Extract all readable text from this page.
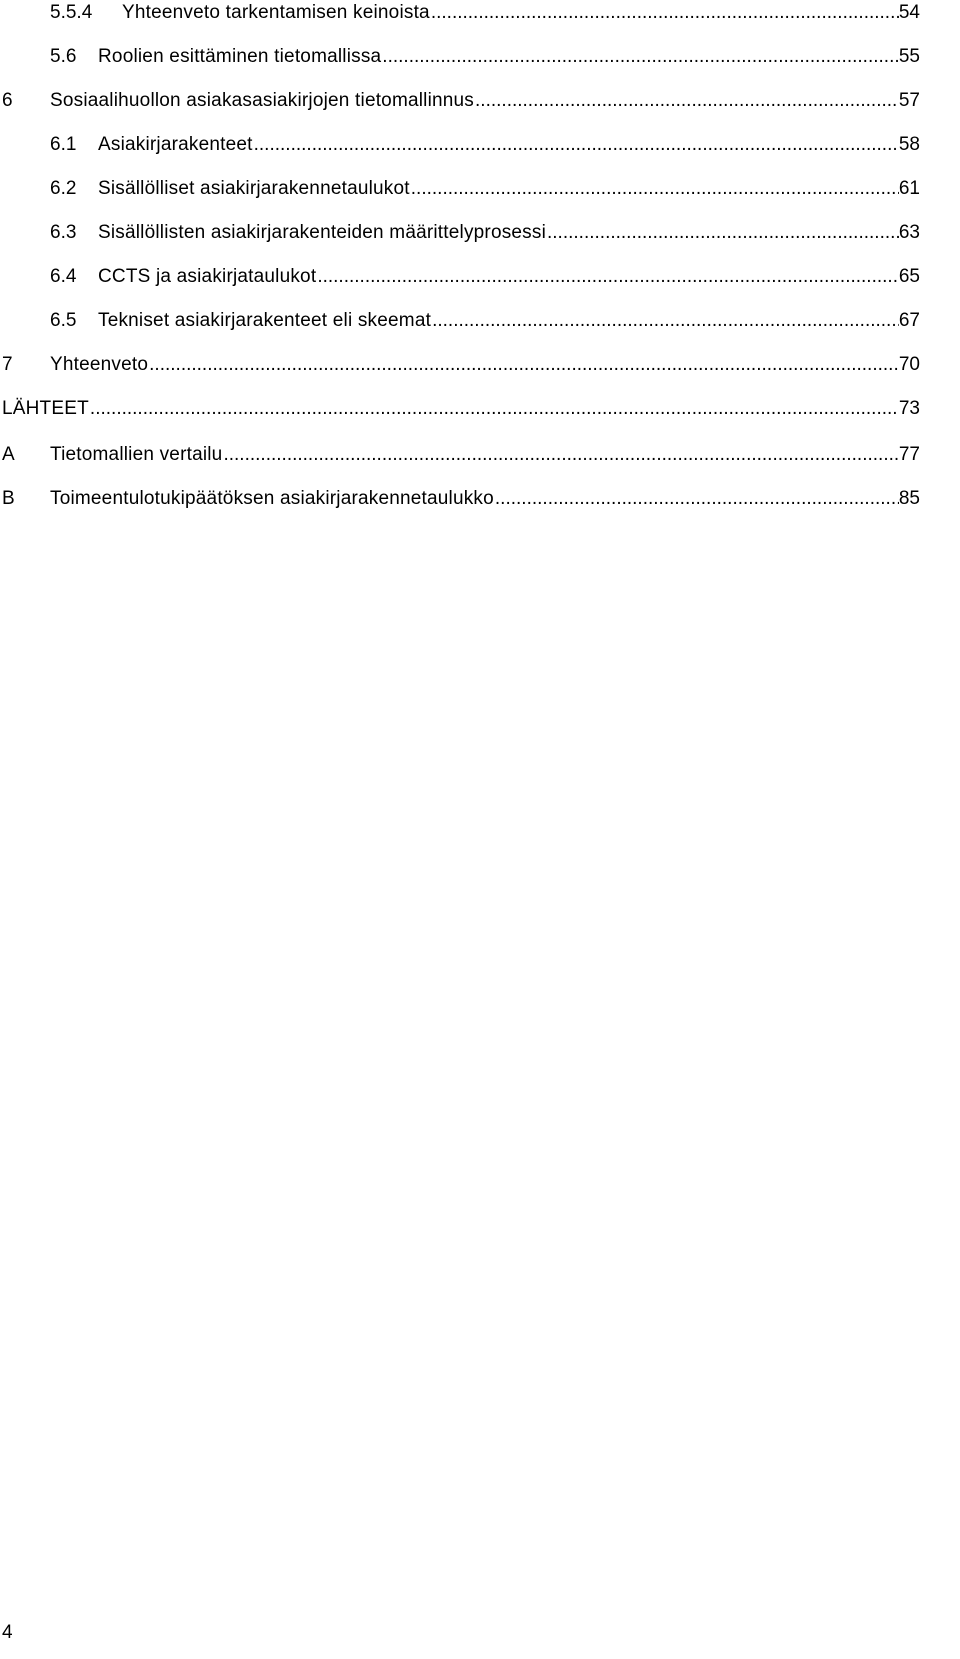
5.5.4 Yhteenveto tarkentamisen keinoista .....	54
5.6 Roolien esittäminen tietomallissa .....	55
6 Sosiaalihuollon asiakasasiakirjojen tietomallinnus .....	57
6.1 Asiakirjarakenteet .....	58
6.2 Sisällölliset asiakirjarakennetaulukot .....	61
6.3 Sisällöllisten asiakirjarakenteiden määrittelyprosessi .....	63
6.4 CCTS ja asiakirjataulukot .....	65
6.5 Tekniset asiakirjarakenteet eli skeemat .....	67
7 Yhteenveto .....	70
LÄHTEET .....	73
A Tietomallien vertailu .....	77
B Toimeentulotukipäätöksen asiakirjarakennetaulukko .....	85
4
